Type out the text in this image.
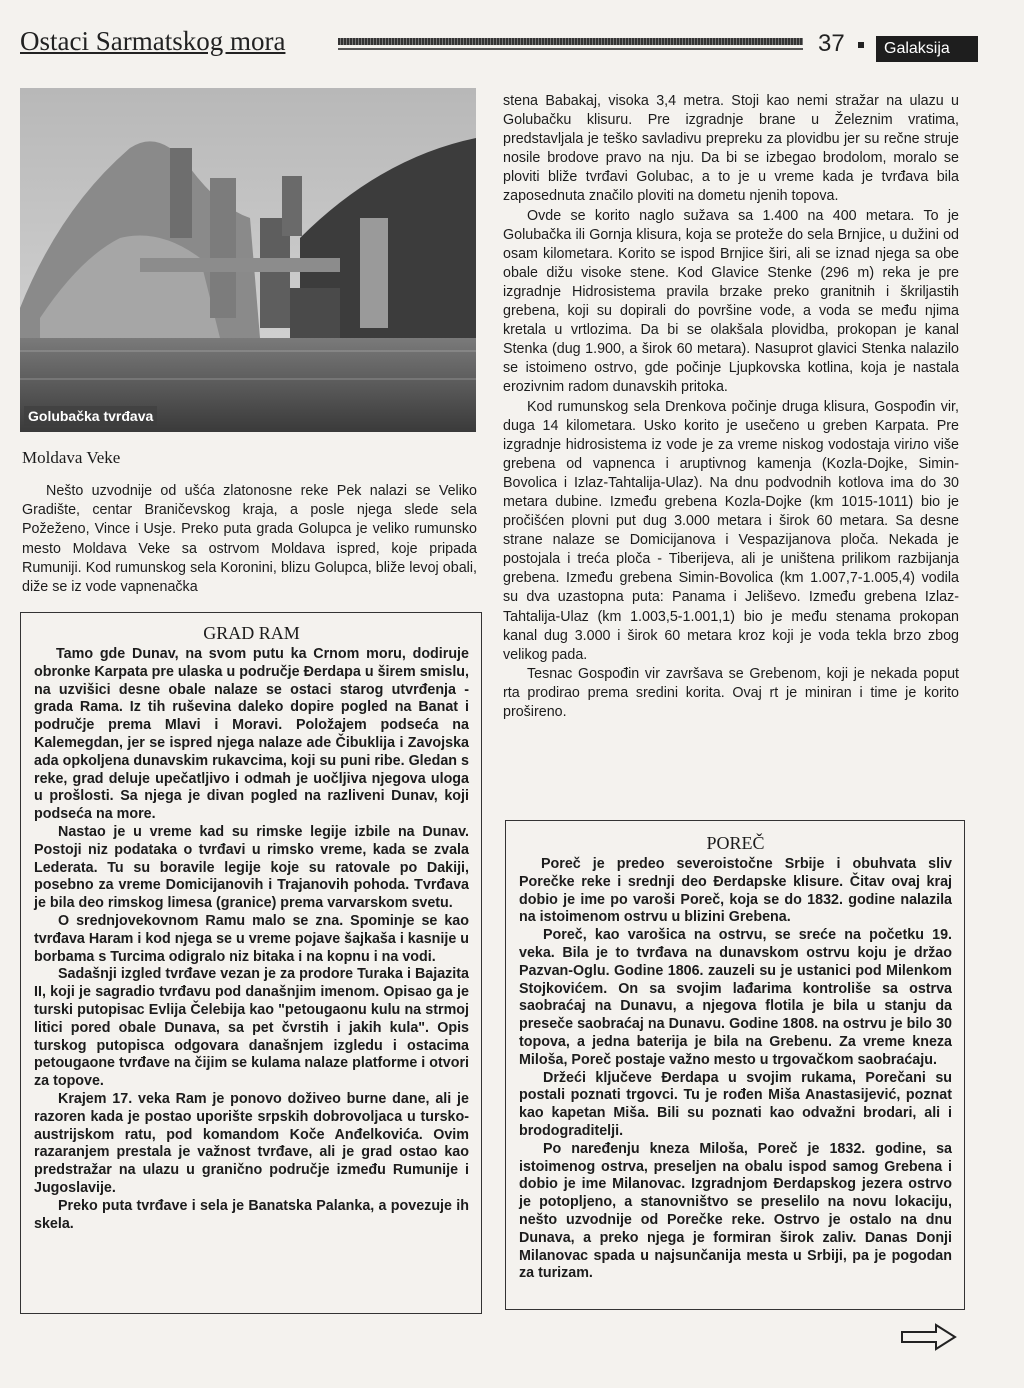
Ostaci Sarmatskog mora	37	Galaksija
Golubačka tvrđava
Moldava Veke

Nešto uzvodnije od ušća zlatonosne reke Pek nalazi se Veliko Gradište, centar Braničevskog kraja, a posle njega slede sela Požeženo, Vince i Usje. Preko puta grada Golupca je veliko rumunsko mesto Moldava Veke sa ostrvom Moldava ispred, koje pripada Rumuniji. Kod rumunskog sela Koronini, blizu Golupca, bliže levoj obali, diže se iz vode vapnenačka

GRAD RAM

Tamo gde Dunav, na svom putu ka Crnom moru, dodiruje obronke Karpata pre ulaska u područje Đerdapa u širem smislu, na uzvišici desne obale nalaze se ostaci starog utvrđenja - grada Rama. Iz tih ruševina daleko dopire pogled na Banat i područje prema Mlavi i Moravi. Položajem podseća na Kalemegdan, jer se ispred njega nalaze ade Čibuklija i Zavojska ada opkoljena dunavskim rukavcima, koji su puni ribe. Gledan s reke, grad deluje upečatljivo i odmah je uočljiva njegova uloga u prošlosti. Sa njega je divan pogled na razliveni Dunav, koji podseća na more.

Nastao je u vreme kad su rimske legije izbile na Dunav. Postoji niz podataka o tvrđavi u rimsko vreme, kada se zvala Lederata. Tu su boravile legije koje su ratovale po Dakiji, posebno za vreme Domicijanovih i Trajanovih pohoda. Tvrđava je bila deo rimskog limesa (granice) prema varvarskom svetu.

O srednjovekovnom Ramu malo se zna. Spominje se kao tvrđava Haram i kod njega se u vreme pojave šajkaša i kasnije u borbama s Turcima odigralo niz bitaka i na kopnu i na vodi.

Sadašnji izgled tvrđave vezan je za prodore Turaka i Bajazita II, koji je sagradio tvrđavu pod današnjim imenom. Opisao ga je turski putopisac Evlija Čelebija kao "petougaonu kulu na strmoj litici pored obale Dunava, sa pet čvrstih i jakih kula". Opis turskog putopisca odgovara današnjem izgledu i ostacima petougaone tvrđave na čijim se kulama nalaze platforme i otvori za topove.

Krajem 17. veka Ram je ponovo doživeo burne dane, ali je razoren kada je postao uporište srpskih dobrovoljaca u tursko-austrijskom ratu, pod komandom Koče Anđelkovića. Ovim razaranjem prestala je važnost tvrđave, ali je grad ostao kao predstražar na ulazu u granično područje između Rumunije i Jugoslavije.

Preko puta tvrđave i sela je Banatska Palanka, a povezuje ih skela.

stena Babakaj, visoka 3,4 metra. Stoji kao nemi stražar na ulazu u Golubačku klisuru. Pre izgradnje brane u Železnim vratima, predstavljala je teško savladivu prepreku za plovidbu jer su rečne struje nosile brodove pravo na nju. Da bi se izbegao brodolom, moralo se ploviti bliže tvrđavi Golubac, a to je u vreme kada je tvrđava bila zaposednuta značilo ploviti na dometu njenih topova.

Ovde se korito naglo sužava sa 1.400 na 400 metara. To je Golubačka ili Gornja klisura, koja se proteže do sela Brnjice, u dužini od osam kilometara. Korito se ispod Brnjice širi, ali se iznad njega sa obe obale dižu visoke stene. Kod Glavice Stenke (296 m) reka je pre izgradnje Hidrosistema pravila brzake preko granitnih i škriljastih grebena, koji su dopirali do površine vode, a voda se među njima kretala u vrtlozima. Da bi se olakšala plovidba, prokopan je kanal Stenka (dug 1.900, a širok 60 metara). Nasuprot glavici Stenka nalazilo se istoimeno ostrvo, gde počinje Ljupkovska kotlina, koja je nastala erozivnim radom dunavskih pritoka.

Kod rumunskog sela Drenkova počinje druga klisura, Gospođin vir, duga 14 kilometara. Usko korito je usečeno u greben Karpata. Pre izgradnje hidrosistema iz vode je za vreme niskog vodostaja viriло više grebena od vapnenca i aruptivnog kamenja (Kozla-Dojke, Simin-Bovolica i Izlaz-Tahtalija-Ulaz). Na dnu podvodnih kotlova ima do 30 metara dubine. Između grebena Kozla-Dojke (km 1015-1011) bio je pročišćen plovni put dug 3.000 metara i širok 60 metara. Sa desne strane nalaze se Domicijanova i Vespazijanova ploča. Nekada je postojala i treća ploča - Tiberijeva, ali je uništena prilikom razbijanja grebena. Između grebena Simin-Bovolica (km 1.007,7-1.005,4) vodila su dva uzastopna puta: Panama i Jeliševo. Između grebena Izlaz-Tahtalija-Ulaz (km 1.003,5-1.001,1) bio je među stenama prokopan kanal dug 3.000 i širok 60 metara kroz koji je voda tekla brzo zbog velikog pada.

Tesnac Gospođin vir završava se Grebenom, koji je nekada poput rta prodirao prema sredini korita. Ovaj rt je miniran i time je korito prošireno.

POREČ

Poreč je predeo severoistočne Srbije i obuhvata sliv Porečke reke i srednji deo Đerdapske klisure. Čitav ovaj kraj dobio je ime po varoši Poreč, koja se do 1832. godine nalazila na istoimenom ostrvu u blizini Grebena.

Poreč, kao varošica na ostrvu, se sreće na početku 19. veka. Bila je to tvrđava na dunavskom ostrvu koju je držao Pazvan-Oglu. Godine 1806. zauzeli su je ustanici pod Milenkom Stojkovićem. On sa svojim lađarima kontroliše sa ostrva saobraćaj na Dunavu, a njegova flotila je bila u stanju da preseče saobraćaj na Dunavu. Godine 1808. na ostrvu je bilo 30 topova, a jedna baterija je bila na Grebenu. Za vreme kneza Miloša, Poreč postaje važno mesto u trgovačkom saobraćaju.

Držeći ključeve Đerdapa u svojim rukama, Porečani su postali poznati trgovci. Tu je rođen Miša Anastasijević, poznat kao kapetan Miša. Bili su poznati kao odvažni brodari, ali i brodograditelji.

Po naređenju kneza Miloša, Poreč je 1832. godine, sa istoimenog ostrva, preseljen na obalu ispod samog Grebena i dobio je ime Milanovac. Izgradnjom Đerdapskog jezera ostrvo je potopljeno, a stanovništvo se preselilo na novu lokaciju, nešto uzvodnije od Porečke reke. Ostrvo je ostalo na dnu Dunava, a preko njega je formiran širok zaliv. Danas Donji Milanovac spada u najsunčanija mesta u Srbiji, pa je pogodan za turizam.
